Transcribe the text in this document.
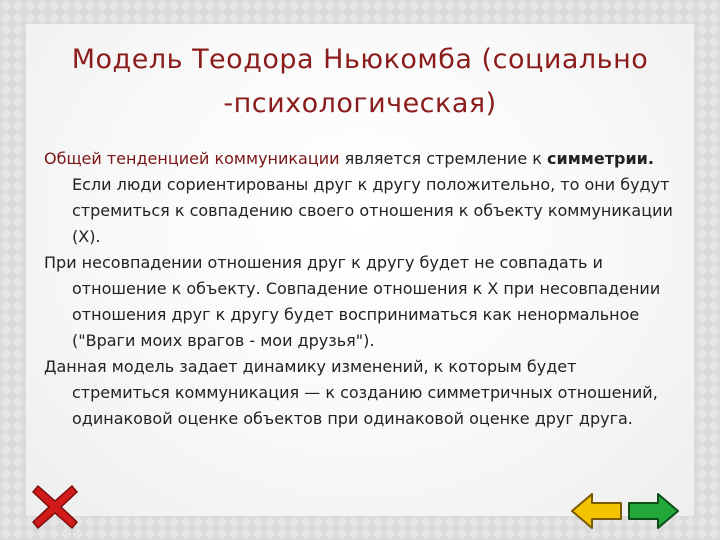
Модель Теодора Ньюкомба (социально
-психологическая)

Общей тенденцией коммуникации является стремление к симметрии. Если люди сориентированы друг к другу положительно, то они будут стремиться к совпадению своего отношения к объекту коммуникации (X).

При несовпадении отношения друг к другу будет не совпадать и отношение к объекту. Совпадение отношения к X при несовпадении отношения друг к другу будет восприниматься как ненормальное ("Враги моих врагов - мои друзья").

Данная модель задает динамику изменений, к которым будет стремиться коммуникация — к созданию симметричных отношений, одинаковой оценке объектов при одинаковой оценке друг друга.
